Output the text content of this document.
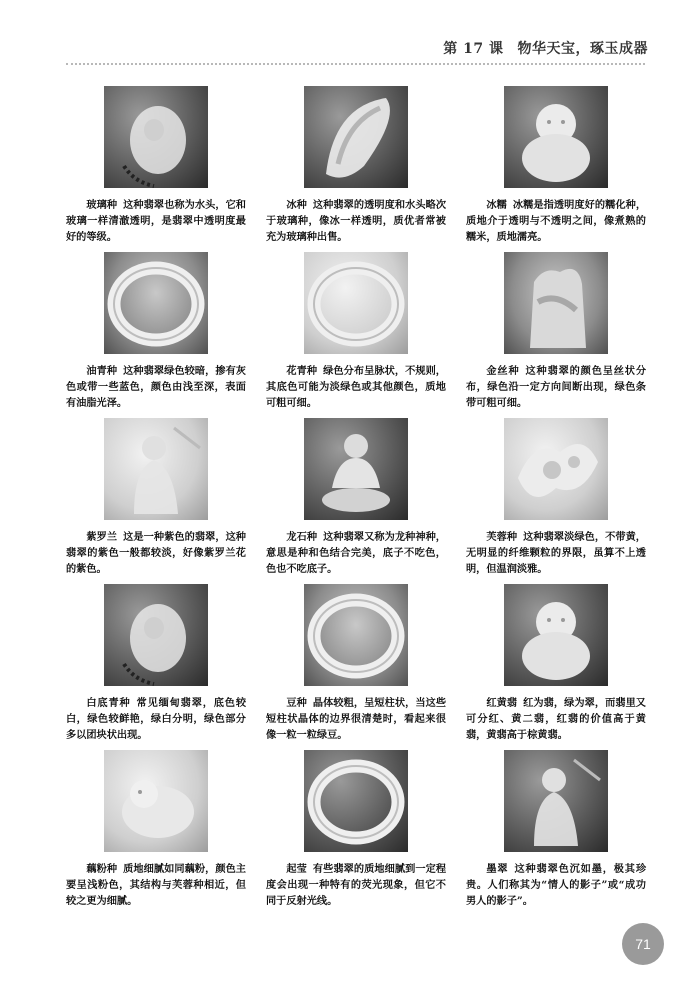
第 17 课 物华天宝，琢玉成器
玻璃种 这种翡翠也称为水头，它和玻璃一样清澈透明，是翡翠中透明度最好的等级。
冰种 这种翡翠的透明度和水头略次于玻璃种，像冰一样透明，质优者常被充为玻璃种出售。
冰糯 冰糯是指透明度好的糯化种，质地介于透明与不透明之间，像煮熟的糯米，质地濡亮。
油青种 这种翡翠绿色较暗，掺有灰色或带一些蓝色，颜色由浅至深，表面有油脂光泽。
花青种 绿色分布呈脉状，不规则，其底色可能为淡绿色或其他颜色，质地可粗可细。
金丝种 这种翡翠的颜色呈丝状分布，绿色沿一定方向间断出现，绿色条带可粗可细。
紫罗兰 这是一种紫色的翡翠，这种翡翠的紫色一般都较淡，好像紫罗兰花的紫色。
龙石种 这种翡翠又称为龙种神种，意思是种和色结合完美，底子不吃色，色也不吃底子。
芙蓉种 这种翡翠淡绿色，不带黄，无明显的纤维颗粒的界限，虽算不上透明，但温润淡雅。
白底青种 常见缅甸翡翠，底色较白，绿色较鲜艳，绿白分明，绿色部分多以团块状出现。
豆种 晶体较粗，呈短柱状，当这些短柱状晶体的边界很清楚时，看起来很像一粒一粒绿豆。
红黄翡 红为翡，绿为翠，而翡里又可分红、黄二翡，红翡的价值高于黄翡，黄翡高于棕黄翡。
藕粉种 质地细腻如同藕粉，颜色主要呈浅粉色，其结构与芙蓉种相近，但较之更为细腻。
起莹 有些翡翠的质地细腻到一定程度会出现一种特有的荧光现象，但它不同于反射光线。
墨翠 这种翡翠色沉如墨，极其珍贵。人们称其为“情人的影子”或“成功男人的影子”。
71
